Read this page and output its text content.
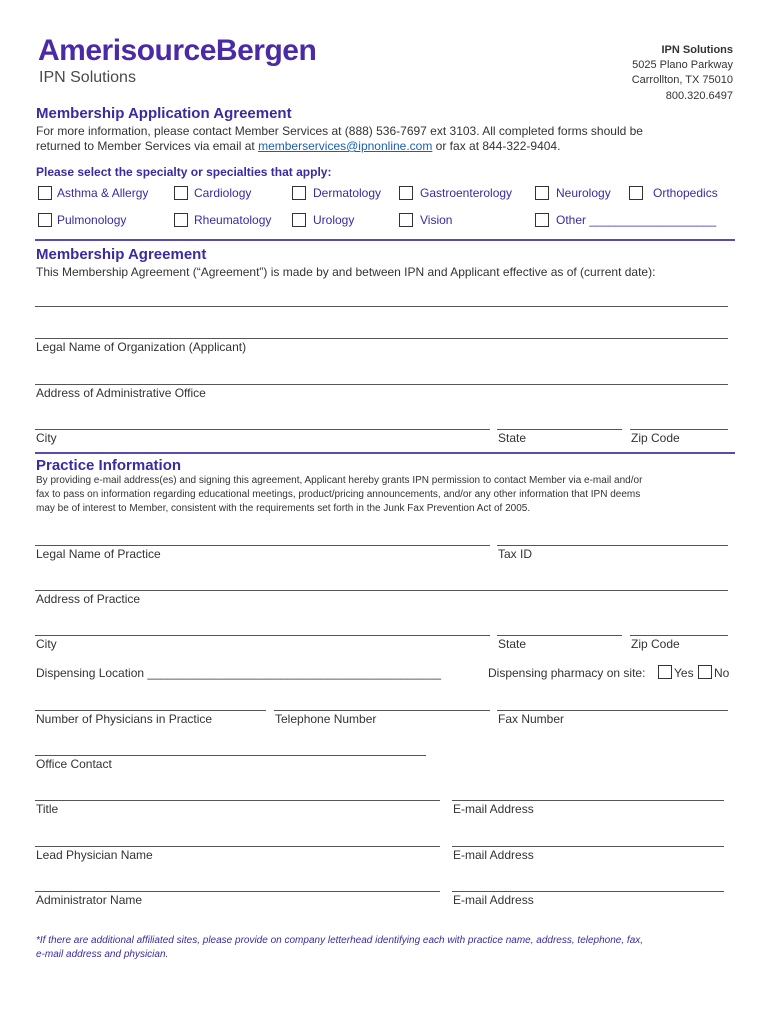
AmerisourceBergen
IPN Solutions
IPN Solutions
5025 Plano Parkway
Carrollton, TX 75010
800.320.6497
Membership Application Agreement
For more information, please contact Member Services at (888) 536-7697 ext 3103. All completed forms should be
returned to Member Services via email at memberservices@ipnonline.com or fax at 844-322-9404.
Please select the specialty or specialties that apply:
Asthma & Allergy	Cardiology	Dermatology	Gastroenterology	Neurology	Orthopedics
Pulmonology	Rheumatology	Urology	Vision	Other ___________________
Membership Agreement
This Membership Agreement (“Agreement”) is made by and between IPN and Applicant effective as of (current date):
Legal Name of Organization (Applicant)
Address of Administrative Office
City	State	Zip Code
Practice Information
By providing e-mail address(es) and signing this agreement, Applicant hereby grants IPN permission to contact Member via e-mail and/or
fax to pass on information regarding educational meetings, product/pricing announcements, and/or any other information that IPN deems
may be of interest to Member, consistent with the requirements set forth in the Junk Fax Prevention Act of 2005.
Legal Name of Practice	Tax ID
Address of Practice
City	State	Zip Code
Dispensing Location ____________________________________________	Dispensing pharmacy on site: Yes No
Number of Physicians in Practice	Telephone Number	Fax Number
Office Contact
Title	E-mail Address
Lead Physician Name	E-mail Address
Administrator Name	E-mail Address
*If there are additional affiliated sites, please provide on company letterhead identifying each with practice name, address, telephone, fax,
e-mail address and physician.
